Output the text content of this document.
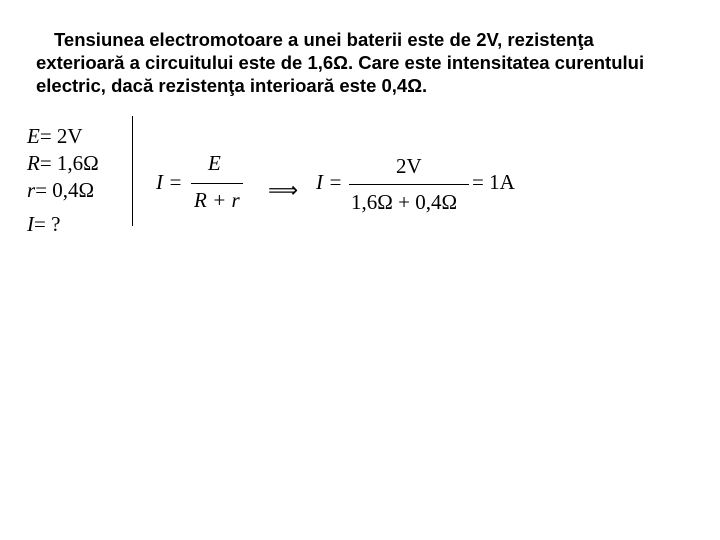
Tensiunea electromotoare a unei baterii este de 2V, rezistenţa
exterioară a circuitului este de 1,6Ω. Care este intensitatea curentului
electric, dacă rezistenţa interioară este 0,4Ω.
E= 2V
R= 1,6Ω
r= 0,4Ω
I= ?
I =
E
R + r ⟹ I =
2V
1,6Ω + 0,4Ω
= 1A
